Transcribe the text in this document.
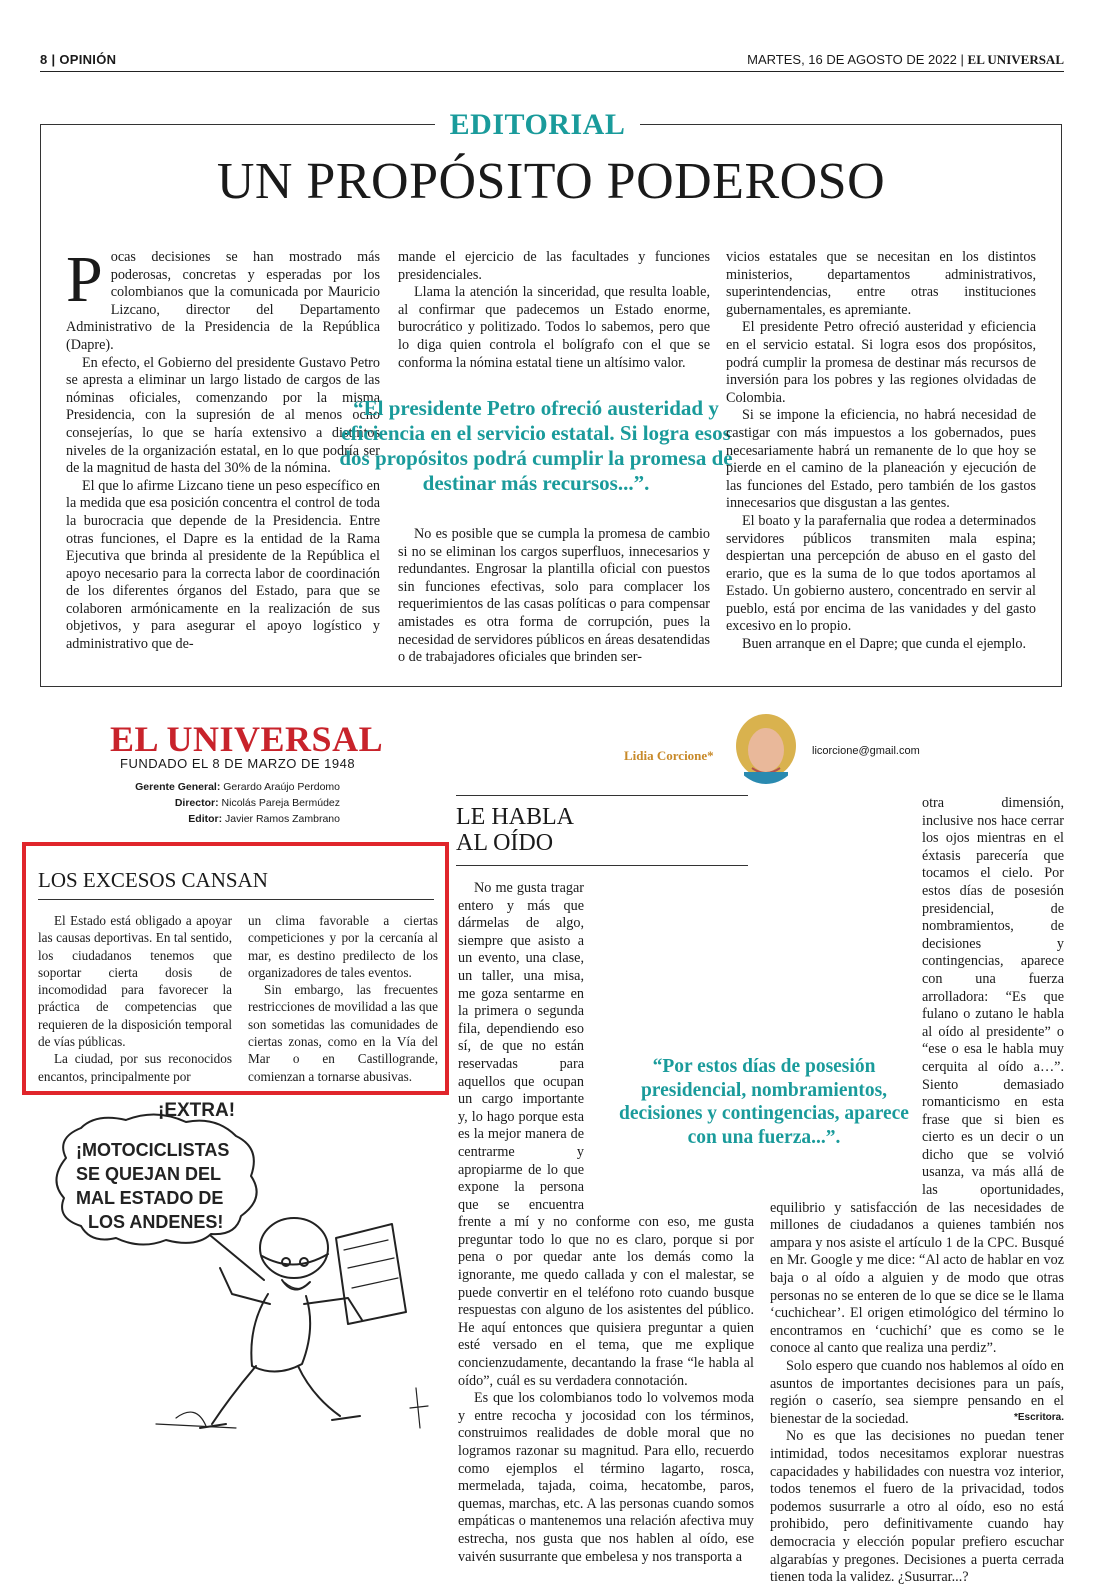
8 | OPINIÓN	MARTES, 16 DE AGOSTO DE 2022 | EL UNIVERSAL
EDITORIAL
UN PROPÓSITO PODEROSO

Pocas decisiones se han mostrado más poderosas, concretas y esperadas por los colombianos que la comunicada por Mauricio Lizcano, director del Departamento Administrativo de la Presidencia de la República (Dapre).

En efecto, el Gobierno del presidente Gustavo Petro se apresta a eliminar un largo listado de cargos de las nóminas oficiales, comenzando por la misma Presidencia, con la supresión de al menos ocho consejerías, lo que se haría extensivo a distintos niveles de la organización estatal, en lo que podría ser de la magnitud de hasta del 30% de la nómina.

El que lo afirme Lizcano tiene un peso específico en la medida que esa posición concentra el control de toda la burocracia que depende de la Presidencia. Entre otras funciones, el Dapre es la entidad de la Rama Ejecutiva que brinda al presidente de la República el apoyo necesario para la correcta labor de coordinación de los diferentes órganos del Estado, para que se colaboren armónicamente en la realización de sus objetivos, y para asegurar el apoyo logístico y administrativo que de-

mande el ejercicio de las facultades y funciones presidenciales.

Llama la atención la sinceridad, que resulta loable, al confirmar que padecemos un Estado enorme, burocrático y politizado. Todos lo sabemos, pero que lo diga quien controla el bolígrafo con el que se conforma la nómina estatal tiene un altísimo valor.

“El presidente Petro ofreció austeridad y eficiencia en el servicio estatal. Si logra esos dos propósitos podrá cumplir la promesa de destinar más recursos...”.

No es posible que se cumpla la promesa de cambio si no se eliminan los cargos superfluos, innecesarios y redundantes. Engrosar la plantilla oficial con puestos sin funciones efectivas, solo para complacer los requerimientos de las casas políticas o para compensar amistades es otra forma de corrupción, pues la necesidad de servidores públicos en áreas desatendidas o de trabajadores oficiales que brinden ser-

vicios estatales que se necesitan en los distintos ministerios, departamentos administrativos, superintendencias, entre otras instituciones gubernamentales, es apremiante.

El presidente Petro ofreció austeridad y eficiencia en el servicio estatal. Si logra esos dos propósitos, podrá cumplir la promesa de destinar más recursos de inversión para los pobres y las regiones olvidadas de Colombia.

Si se impone la eficiencia, no habrá necesidad de castigar con más impuestos a los gobernados, pues necesariamente habrá un remanente de lo que hoy se pierde en el camino de la planeación y ejecución de las funciones del Estado, pero también de los gastos innecesarios que disgustan a las gentes.

El boato y la parafernalia que rodea a determinados servidores públicos transmiten mala espina; despiertan una percepción de abuso en el gasto del erario, que es la suma de lo que todos aportamos al Estado. Un gobierno austero, concentrado en servir al pueblo, está por encima de las vanidades y del gasto excesivo en lo propio.

Buen arranque en el Dapre; que cunda el ejemplo.

EL UNIVERSAL
FUNDADO EL 8 DE MARZO DE 1948
Gerente General: Gerardo Araújo Perdomo
Director: Nicolás Pareja Bermúdez
Editor: Javier Ramos Zambrano
LOS EXCESOS CANSAN

El Estado está obligado a apoyar las causas deportivas. En tal sentido, los ciudadanos tenemos que soportar cierta dosis de incomodidad para favorecer la práctica de competencias que requieren de la disposición temporal de vías públicas.

La ciudad, por sus reconocidos encantos, principalmente por

un clima favorable a ciertas competiciones y por la cercanía al mar, es destino predilecto de los organizadores de tales eventos.

Sin embargo, las frecuentes restricciones de movilidad a las que son sometidas las comunidades de ciertas zonas, como en la Vía del Mar o en Castillogrande, comienzan a tornarse abusivas.

¡EXTRA!
¡MOTOCICLISTAS
SE QUEJAN DEL
MAL ESTADO DE
LOS ANDENES!
Lidia Corcione*	licorcione@gmail.com
LE HABLA
AL OÍDO

No me gusta tragar entero y más que dármelas de algo, siempre que asisto a un evento, una clase, un taller, una misa, me goza sentarme en la primera o segunda fila, dependiendo eso sí, de que no están reservadas para aquellos que ocupan un cargo importante y, lo hago porque esta es la mejor manera de centrarme y apropiarme de lo que expone la persona que se encuentra frente a mí y no conforme con eso, me gusta preguntar todo lo que no es claro, porque si por pena o por quedar ante los demás como la ignorante, me quedo callada y con el malestar, se puede convertir en el teléfono roto cuando busque respuestas con alguno de los asistentes del público. He aquí entonces que quisiera preguntar a quien esté versado en el tema, que me explique concienzudamente, decantando la frase “le habla al oído”, cuál es su verdadera connotación.

Es que los colombianos todo lo volvemos moda y entre recocha y jocosidad con los términos, construimos realidades de doble moral que no logramos razonar su magnitud. Para ello, recuerdo como ejemplos el término lagarto, rosca, mermelada, tajada, coima, hecatombe, paros, quemas, marchas, etc. A las personas cuando somos empáticas o mantenemos una relación afectiva muy estrecha, nos gusta que nos hablen al oído, ese vaivén susurrante que embelesa y nos transporta a

“Por estos días de posesión presidencial, nombramientos, decisiones y contingencias, aparece con una fuerza...”.

otra dimensión, inclusive nos hace cerrar los ojos mientras en el éxtasis parecería que tocamos el cielo. Por estos días de posesión presidencial, de nombramientos, de decisiones y contingencias, aparece con una fuerza arrolladora: “Es que fulano o zutano le habla al oído al presidente” o “ese o esa le habla muy cerquita al oído a…”. Siento demasiado romanticismo en esta frase que si bien es cierto es un decir o un dicho que se volvió usanza, va más allá de las oportunidades, equilibrio y satisfacción de las necesidades de millones de ciudadanos a quienes también nos ampara y nos asiste el artículo 1 de la CPC. Busqué en Mr. Google y me dice: “Al acto de hablar en voz baja o al oído a alguien y de modo que otras personas no se enteren de lo que se dice se le llama ‘cuchichear’. El origen etimológico del término lo encontramos en ‘cuchichí’ que es como se le conoce al canto que realiza una perdiz”.

Solo espero que cuando nos hablemos al oído en asuntos de importantes decisiones para un país, región o caserío, sea siempre pensando en el bienestar de la sociedad.

No es que las decisiones no puedan tener intimidad, todos necesitamos explorar nuestras capacidades y habilidades con nuestra voz interior, todos tenemos el fuero de la privacidad, todos podemos susurrarle a otro al oído, eso no está prohibido, pero definitivamente cuando hay democracia y elección popular prefiero escuchar algarabías y pregones. Decisiones a puerta cerrada tienen toda la validez. ¿Susurrar...?

*Escritora.
